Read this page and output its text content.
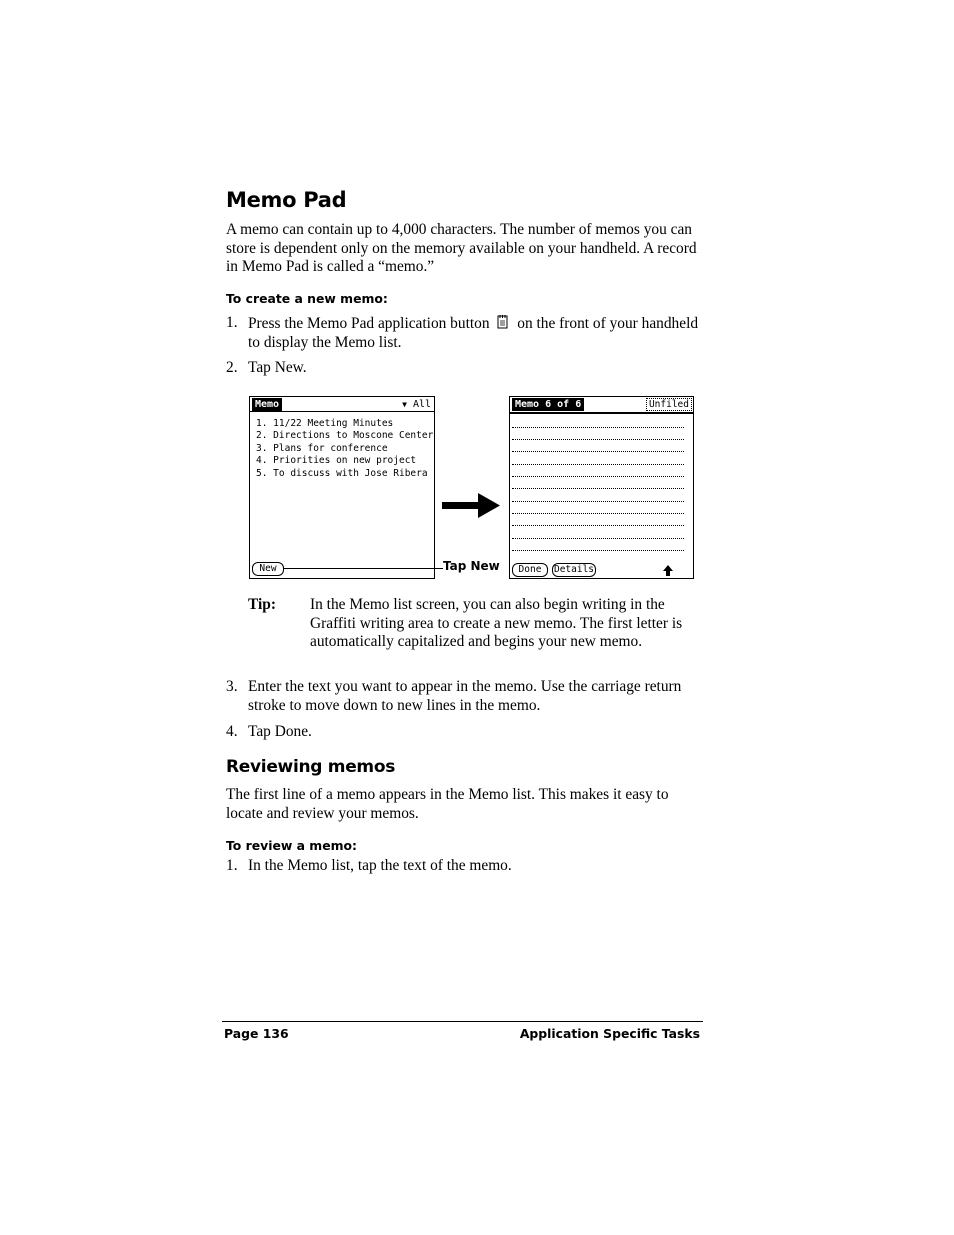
Memo Pad
A memo can contain up to 4,000 characters. The number of memos you can store is dependent only on the memory available on your handheld. A record in Memo Pad is called a “memo.”
To create a new memo:
1. Press the Memo Pad application button on the front of your handheld to display the Memo list.
2. Tap New.
Memo	▼ All
1. 11/22 Meeting Minutes
2. Directions to Moscone Center
3. Plans for conference
4. Priorities on new project
5. To discuss with Jose Ribera
New	Tap New
Memo 6 of 6	Unfiled
Done	Details
Tip: In the Memo list screen, you can also begin writing in the Graffiti writing area to create a new memo. The first letter is automatically capitalized and begins your new memo.
3. Enter the text you want to appear in the memo. Use the carriage return stroke to move down to new lines in the memo.
4. Tap Done.
Reviewing memos
The first line of a memo appears in the Memo list. This makes it easy to locate and review your memos.
To review a memo:
1. In the Memo list, tap the text of the memo.
Page 136	Application Specific Tasks
